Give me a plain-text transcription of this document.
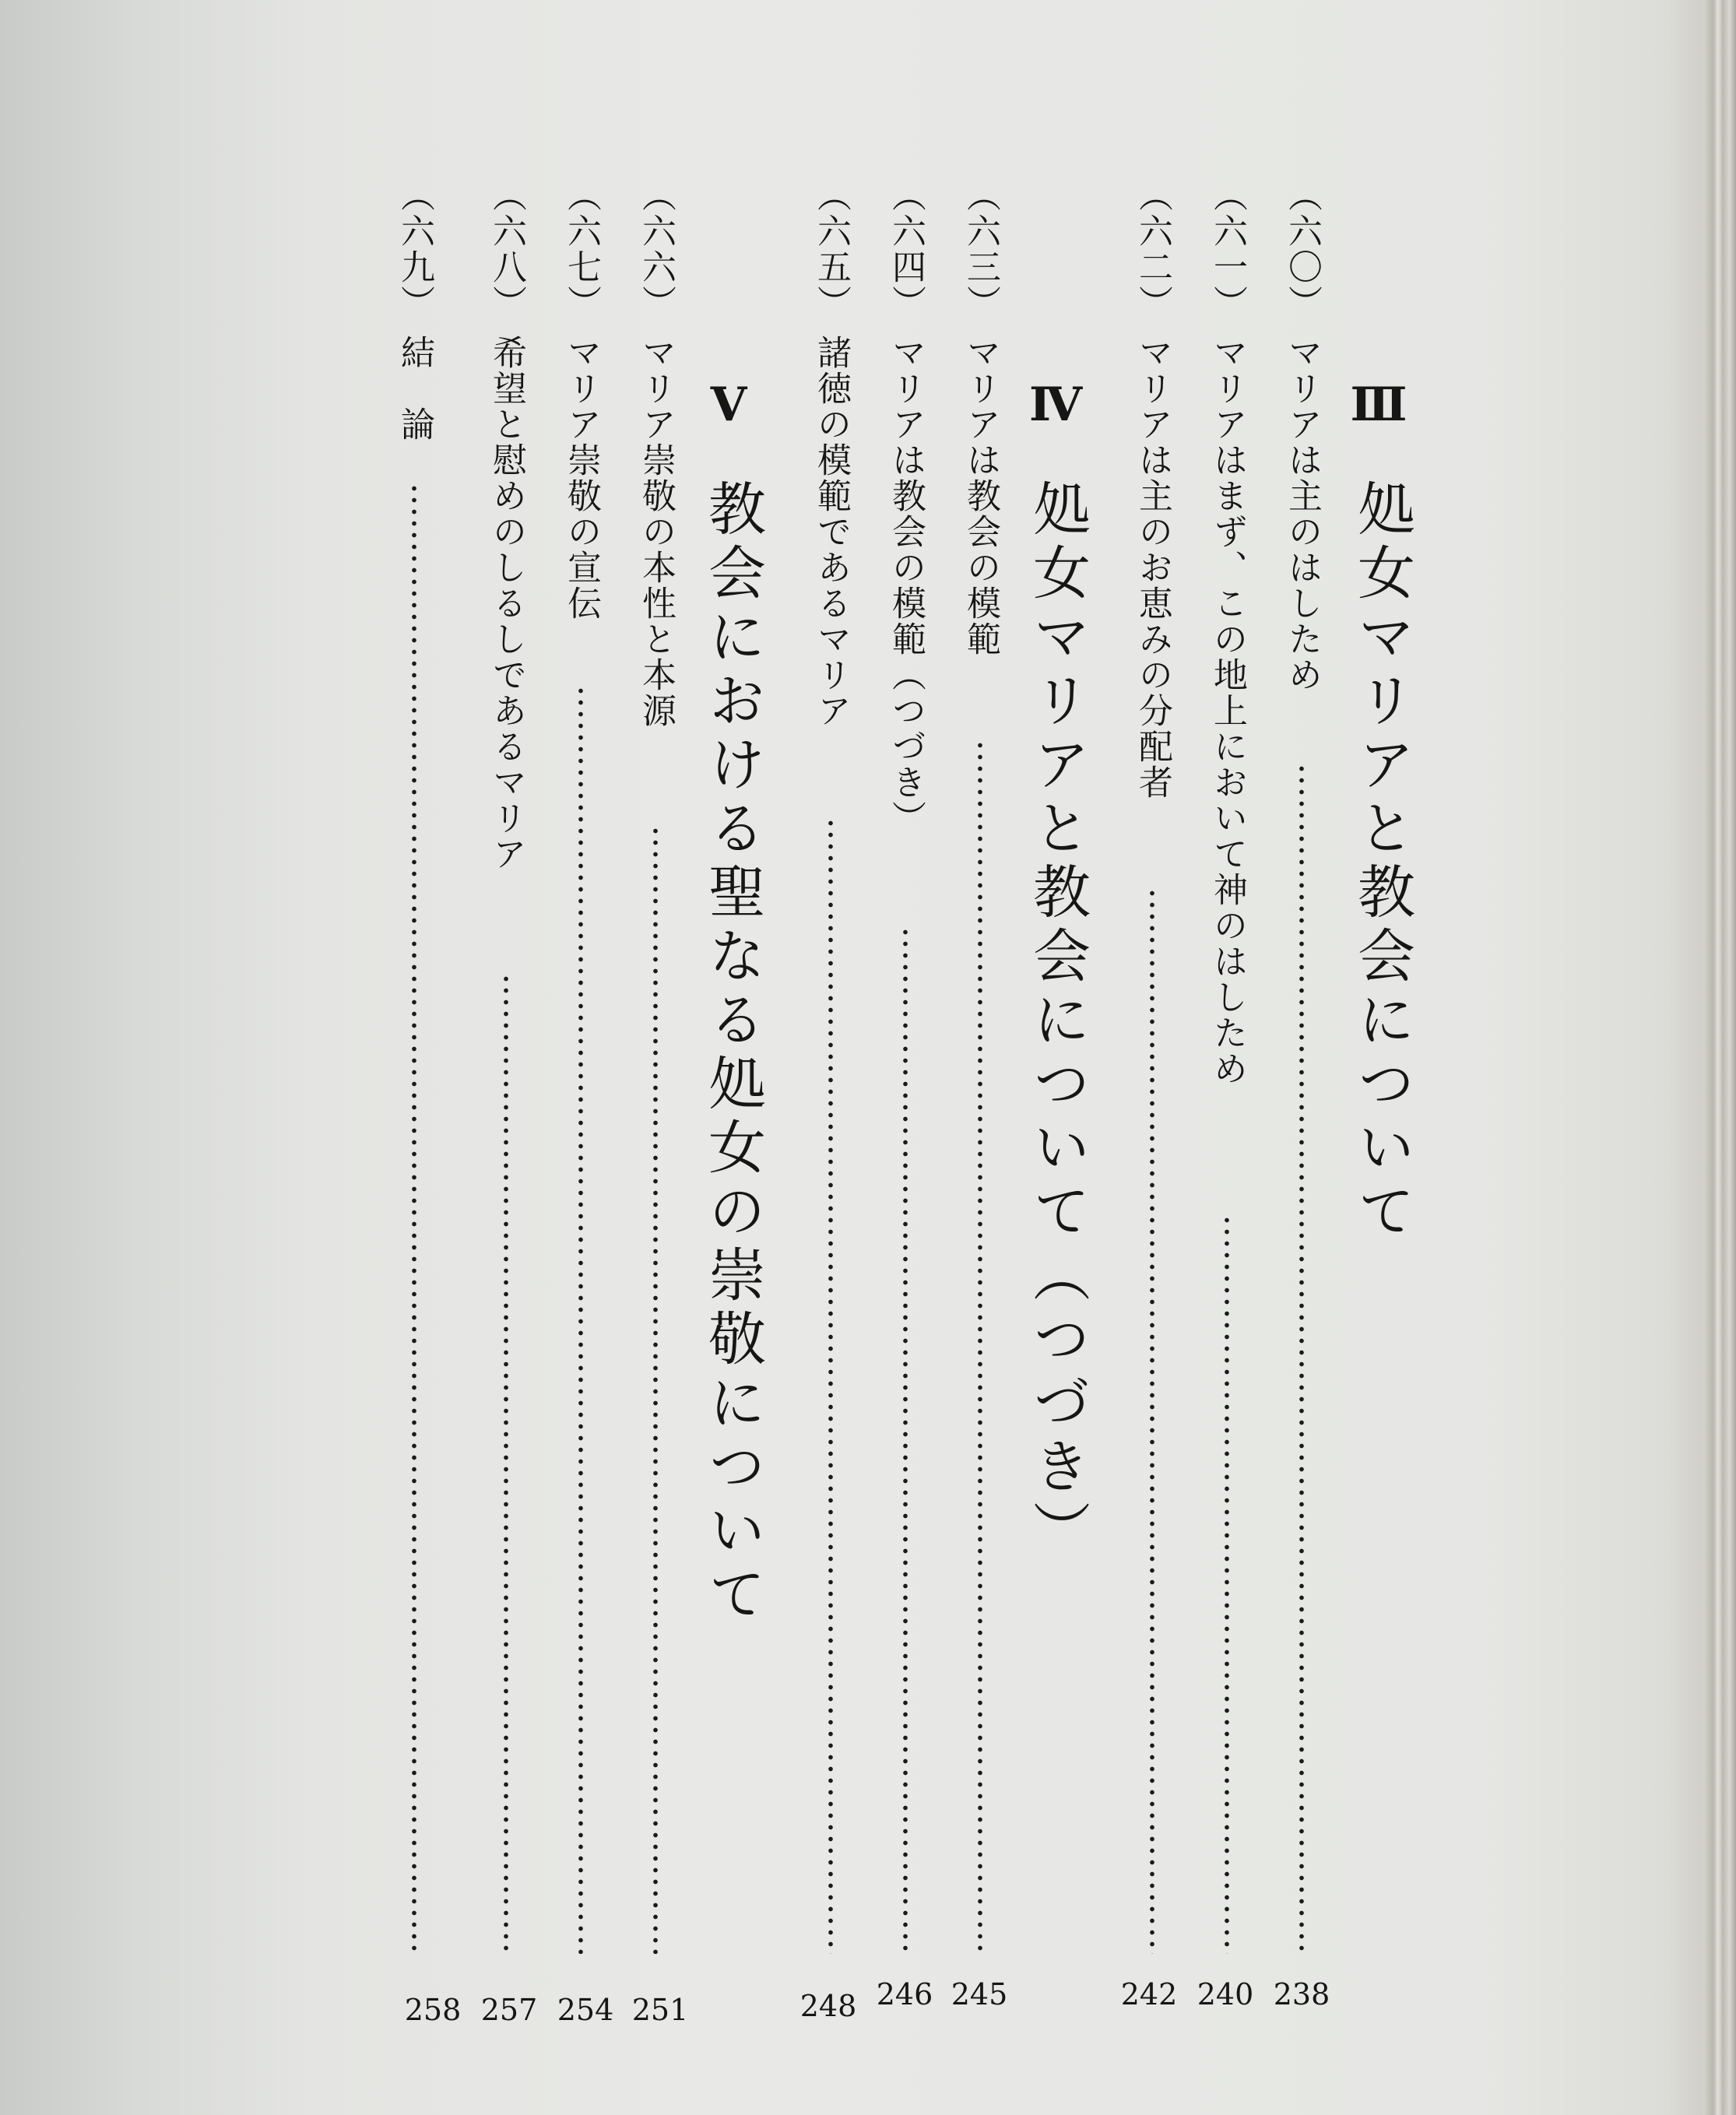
Ⅲ
処女マリアと教会について
（六〇）マリアは主のはしため
238
（六一）マリアはまず、この地上において神のはしため
240
（六二）マリアは主のお恵みの分配者
242
Ⅳ
処女マリアと教会について（つづき）
（六三）マリアは教会の模範
245
（六四）マリアは教会の模範（つづき）
246
（六五）諸徳の模範であるマリア
248
Ⅴ
教会における聖なる処女の崇敬について
（六六）マリア崇敬の本性と本源
251
（六七）マリア崇敬の宣伝
254
（六八）希望と慰めのしるしであるマリア
257
（六九）結　論
258
